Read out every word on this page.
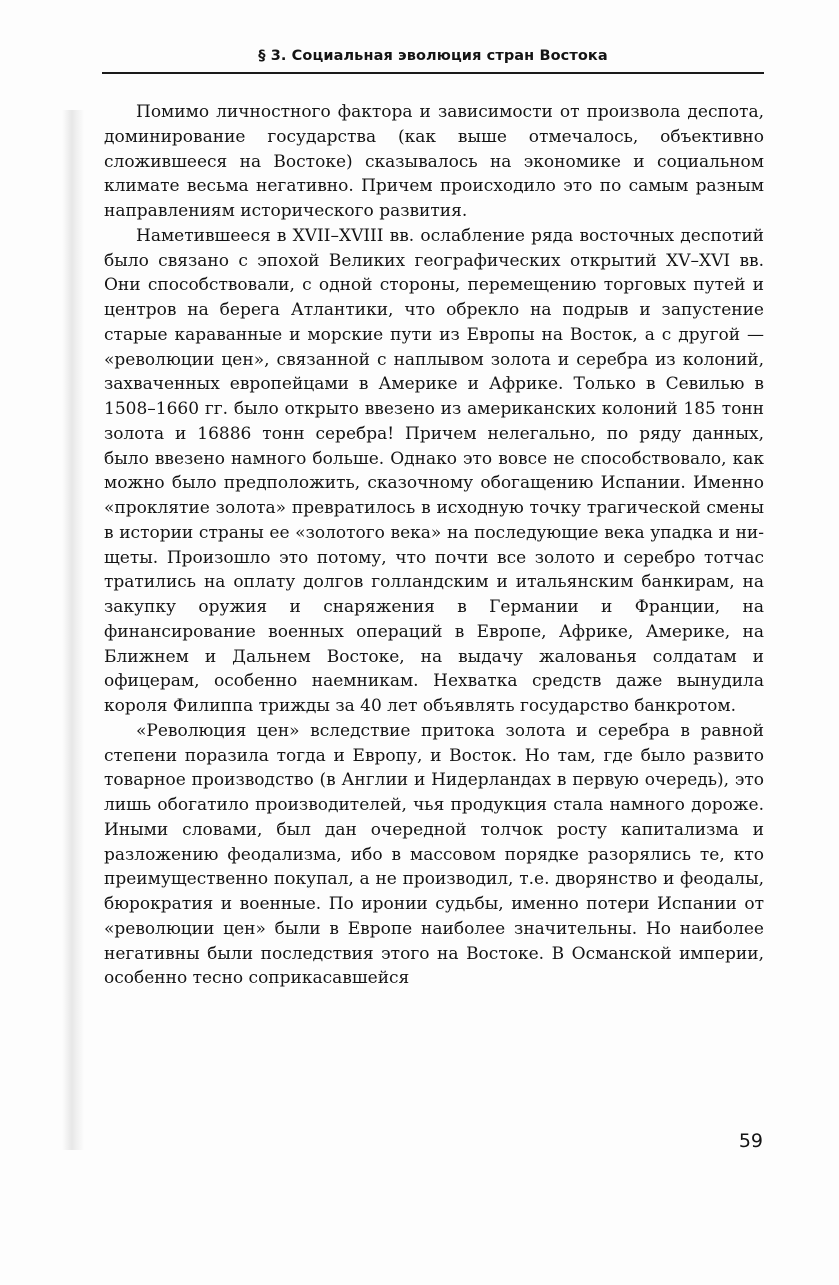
§ 3. Социальная эволюция стран Востока

Помимо личностного фактора и зависимости от произвола деспота, доминирование государства (как выше отмечалось, объективно сложившееся на Востоке) сказывалось на экономике и социальном климате весьма негативно. Причем происходило это по самым разным направлениям исторического развития.

Наметившееся в XVII–XVIII вв. ослабление ряда восточных деспотий было связано с эпохой Великих географических открытий XV–XVI вв. Они способствовали, с одной стороны, перемещению торговых путей и центров на берега Атлантики, что обрекло на подрыв и запустение старые караванные и морские пути из Европы на Восток, а с другой — «революции цен», связанной с наплывом золота и серебра из колоний, захваченных европейцами в Америке и Африке. Только в Севилью в 1508–1660 гг. было открыто ввезено из американских колоний 185 тонн золота и 16886 тонн серебра! Причем нелегально, по ряду данных, было ввезено намного больше. Однако это вовсе не способствовало, как можно было предположить, сказочному обогащению Испании. Именно «проклятие золота» превратилось в исходную точку трагической смены в истории страны ее «золотого века» на последующие века упадка и нищеты. Произошло это потому, что почти все золото и серебро тотчас тратились на оплату долгов голландским и итальянским банкирам, на закупку оружия и снаряжения в Германии и Франции, на финансирование военных операций в Европе, Африке, Америке, на Ближнем и Дальнем Востоке, на выдачу жалованья солдатам и офицерам, особенно наемникам. Нехватка средств даже вынудила короля Филиппа трижды за 40 лет объявлять государство банкротом.

«Революция цен» вследствие притока золота и серебра в равной степени поразила тогда и Европу, и Восток. Но там, где было развито товарное производство (в Англии и Нидерландах в первую очередь), это лишь обогатило производителей, чья продукция стала намного дороже. Иными словами, был дан очередной толчок росту капитализма и разложению феодализма, ибо в массовом порядке разорялись те, кто преимущественно покупал, а не производил, т.е. дворянство и феодалы, бюрократия и военные. По иронии судьбы, именно потери Испании от «революции цен» были в Европе наиболее значительны. Но наиболее негативны были последствия этого на Востоке. В Османской империи, особенно тесно соприкасавшейся

59
